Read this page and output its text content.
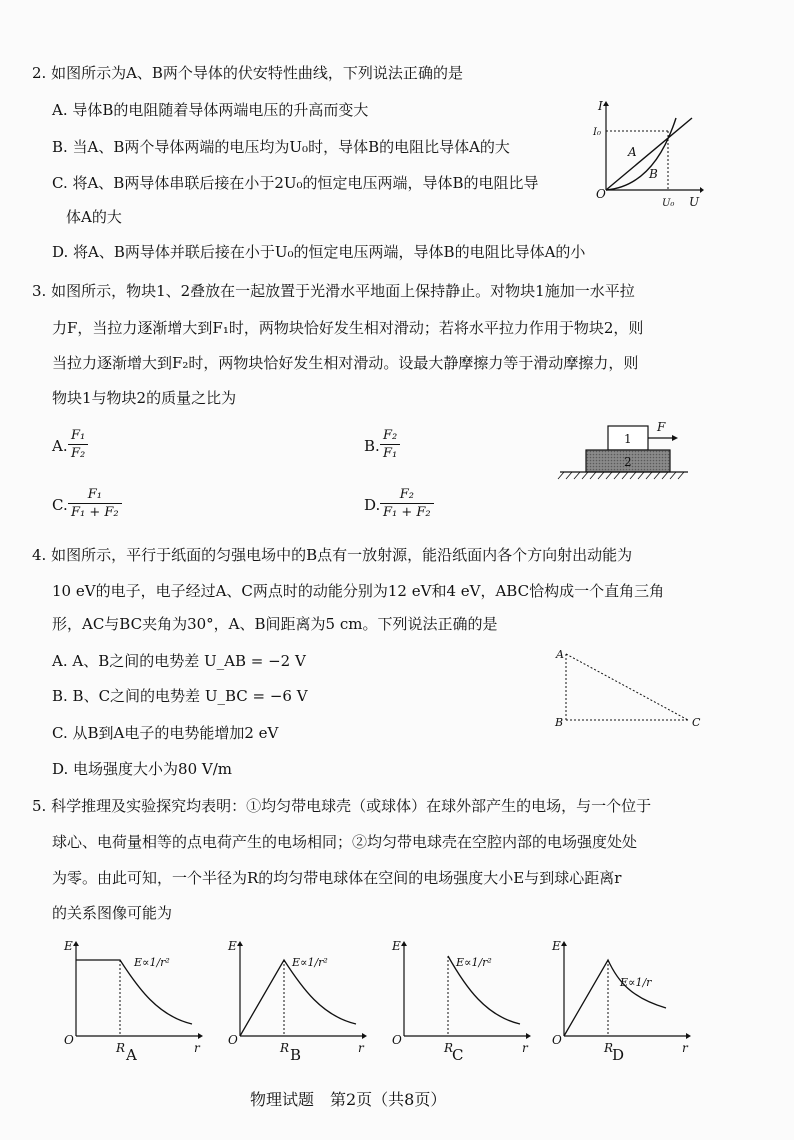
2. 如图所示为A、B两个导体的伏安特性曲线，下列说法正确的是
A. 导体B的电阻随着导体两端电压的升高而变大
B. 当A、B两个导体两端的电压均为U₀时，导体B的电阻比导体A的大
C. 将A、B两导体串联后接在小于2U₀的恒定电压两端，导体B的电阻比导
体A的大
D. 将A、B两导体并联后接在小于U₀的恒定电压两端，导体B的电阻比导体A的小
I
I₀
O
A
B
U₀ U
3. 如图所示，物块1、2叠放在一起放置于光滑水平地面上保持静止。对物块1施加一水平拉
力F，当拉力逐渐增大到F₁时，两物块恰好发生相对滑动；若将水平拉力作用于物块2，则
当拉力逐渐增大到F₂时，两物块恰好发生相对滑动。设最大静摩擦力等于滑动摩擦力，则
物块1与物块2的质量之比为
A. $\frac{\text{F₁}}{\text{F₂}}$	B. $\frac{\text{F₂}}{\text{F₁}}$
C. $\frac{\text{F₁}}{\text{F₁ + F₂}}$	D. $\frac{\text{F₂}}{\text{F₁ + F₂}}$
1
2
F
4. 如图所示，平行于纸面的匀强电场中的B点有一放射源，能沿纸面内各个方向射出动能为
10 eV的电子，电子经过A、C两点时的动能分别为12 eV和4 eV，ABC恰构成一个直角三角
形，AC与BC夹角为30°，A、B间距离为5 cm。下列说法正确的是
A. A、B之间的电势差 U_AB = −2 V
B. B、C之间的电势差 U_BC = −6 V
C. 从B到A电子的电势能增加2 eV
D. 电场强度大小为80 V/m
A
B	C
5. 科学推理及实验探究均表明：①均匀带电球壳（或球体）在球外部产生的电场，与一个位于
球心、电荷量相等的点电荷产生的电场相同；②均匀带电球壳在空腔内部的电场强度处处
为零。由此可知，一个半径为R的均匀带电球体在空间的电场强度大小E与到球心距离r
的关系图像可能为
E
O
R	r
E∝1/r²
A
E
O
R	r
E∝1/r²
B
E
O
R	r
E∝1/r²
C
E
O
R	r
E∝1/r
D
物理试题　第2页（共8页）
